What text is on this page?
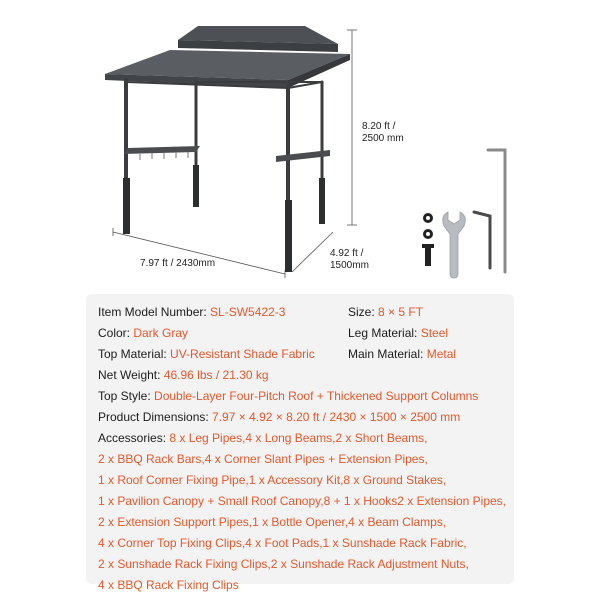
8.20 ft /
2500 mm
7.97 ft / 2430mm
4.92 ft /
1500mm
Item Model Number: SL-SW5422-3	Size: 8 × 5 FT
Color: Dark Gray	Leg Material: Steel
Top Material: UV-Resistant Shade Fabric	Main Material: Metal
Net Weight: 46.96 lbs / 21.30 kg
Top Style: Double-Layer Four-Pitch Roof + Thickened Support Columns
Product Dimensions: 7.97 × 4.92 × 8.20 ft / 2430 × 1500 × 2500 mm
Accessories: 8 x Leg Pipes,4 x Long Beams,2 x Short Beams,
2 x BBQ Rack Bars,4 x Corner Slant Pipes + Extension Pipes,
1 x Roof Corner Fixing Pipe,1 x Accessory Kit,8 x Ground Stakes,
1 x Pavilion Canopy + Small Roof Canopy,8 + 1 x Hooks2 x Extension Pipes,
2 x Extension Support Pipes,1 x Bottle Opener,4 x Beam Clamps,
4 x Corner Top Fixing Clips,4 x Foot Pads,1 x Sunshade Rack Fabric,
2 x Sunshade Rack Fixing Clips,2 x Sunshade Rack Adjustment Nuts,
4 x BBQ Rack Fixing Clips
